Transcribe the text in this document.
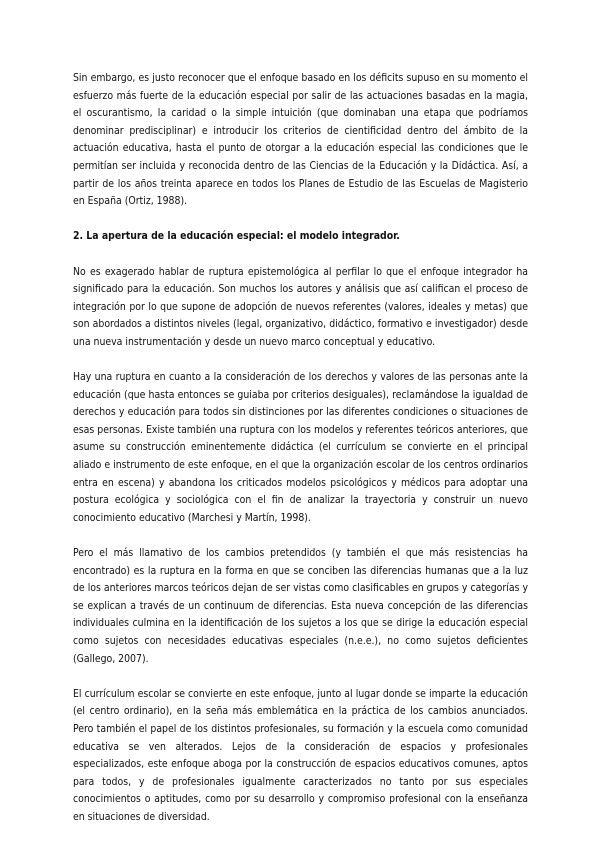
Sin embargo, es justo reconocer que el enfoque basado en los déficits supuso en su momento el esfuerzo más fuerte de la educación especial por salir de las actuaciones basadas en la magia, el oscurantismo, la caridad o la simple intuición (que dominaban una etapa que podríamos denominar predisciplinar) e introducir los criterios de cientificidad dentro del ámbito de la actuación educativa, hasta el punto de otorgar a la educación especial las condiciones que le permitían ser incluida y reconocida dentro de las Ciencias de la Educación y la Didáctica. Así, a partir de los años treinta aparece en todos los Planes de Estudio de las Escuelas de Magisterio en España (Ortiz, 1988).

2. La apertura de la educación especial: el modelo integrador.

No es exagerado hablar de ruptura epistemológica al perfilar lo que el enfoque integrador ha significado para la educación. Son muchos los autores y análisis que así califican el proceso de integración por lo que supone de adopción de nuevos referentes (valores, ideales y metas) que son abordados a distintos niveles (legal, organizativo, didáctico, formativo e investigador) desde una nueva instrumentación y desde un nuevo marco conceptual y educativo.

Hay una ruptura en cuanto a la consideración de los derechos y valores de las personas ante la educación (que hasta entonces se guiaba por criterios desiguales), reclamándose la igualdad de derechos y educación para todos sin distinciones por las diferentes condiciones o situaciones de esas personas. Existe también una ruptura con los modelos y referentes teóricos anteriores, que asume su construcción eminentemente didáctica (el currículum se convierte en el principal aliado e instrumento de este enfoque, en el que la organización escolar de los centros ordinarios entra en escena) y abandona los criticados modelos psicológicos y médicos para adoptar una postura ecológica y sociológica con el fin de analizar la trayectoria y construir un nuevo conocimiento educativo (Marchesi y Martín, 1998).

Pero el más llamativo de los cambios pretendidos (y también el que más resistencias ha encontrado) es la ruptura en la forma en que se conciben las diferencias humanas que a la luz de los anteriores marcos teóricos dejan de ser vistas como clasificables en grupos y categorías y se explican a través de un continuum de diferencias. Esta nueva concepción de las diferencias individuales culmina en la identificación de los sujetos a los que se dirige la educación especial como sujetos con necesidades educativas especiales (n.e.e.), no como sujetos deficientes (Gallego, 2007).

El currículum escolar se convierte en este enfoque, junto al lugar donde se imparte la educación (el centro ordinario), en la seña más emblemática en la práctica de los cambios anunciados. Pero también el papel de los distintos profesionales, su formación y la escuela como comunidad educativa se ven alterados. Lejos de la consideración de espacios y profesionales especializados, este enfoque aboga por la construcción de espacios educativos comunes, aptos para todos, y de profesionales igualmente caracterizados no tanto por sus especiales conocimientos o aptitudes, como por su desarrollo y compromiso profesional con la enseñanza en situaciones de diversidad.
